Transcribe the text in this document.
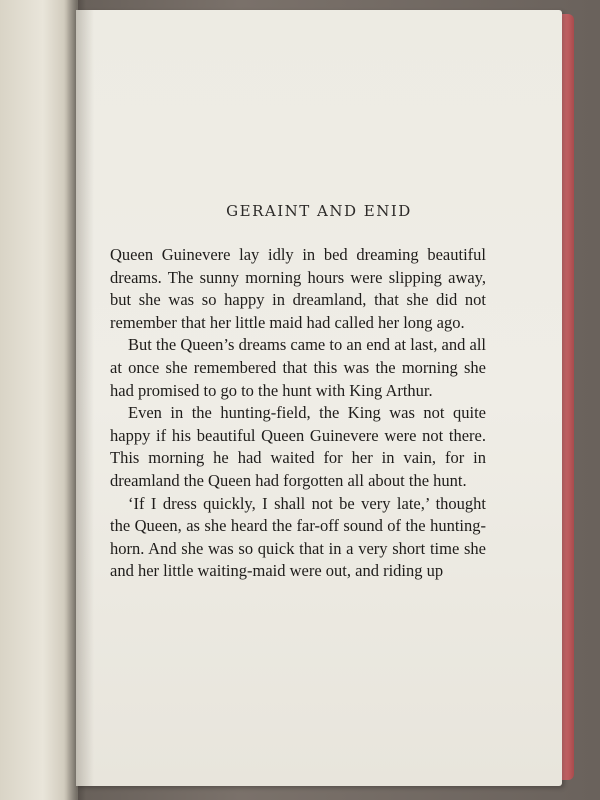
GERAINT AND ENID

Queen Guinevere lay idly in bed dreaming beautiful dreams. The sunny morning hours were slipping away, but she was so happy in dreamland, that she did not remember that her little maid had called her long ago.

But the Queen’s dreams came to an end at last, and all at once she remembered that this was the morning she had promised to go to the hunt with King Arthur.

Even in the hunting-field, the King was not quite happy if his beautiful Queen Guinevere were not there. This morning he had waited for her in vain, for in dreamland the Queen had forgotten all about the hunt.

‘If I dress quickly, I shall not be very late,’ thought the Queen, as she heard the far-off sound of the hunting-horn. And she was so quick that in a very short time she and her little waiting-maid were out, and riding up
